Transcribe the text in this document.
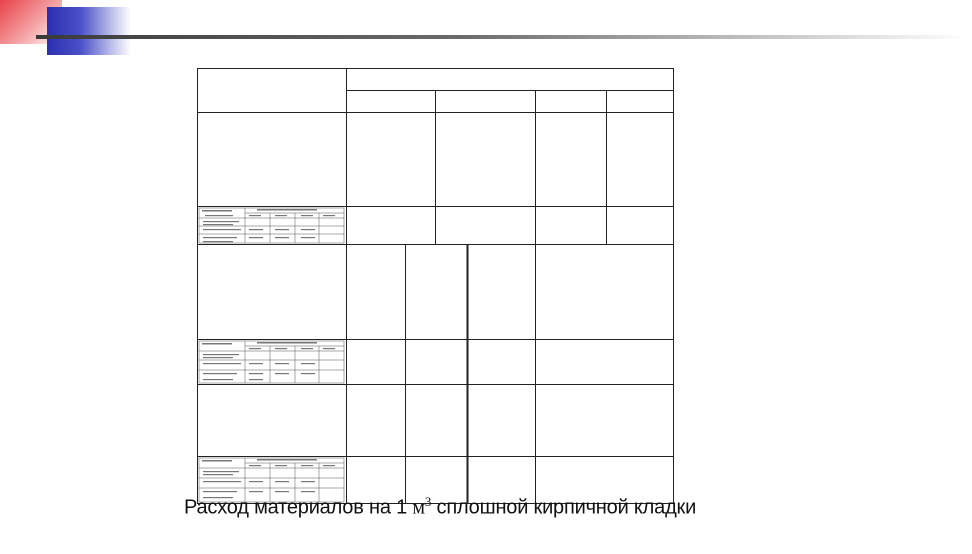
Расход материалов на 1 $м^3$ сплошной кирпичной кладки
